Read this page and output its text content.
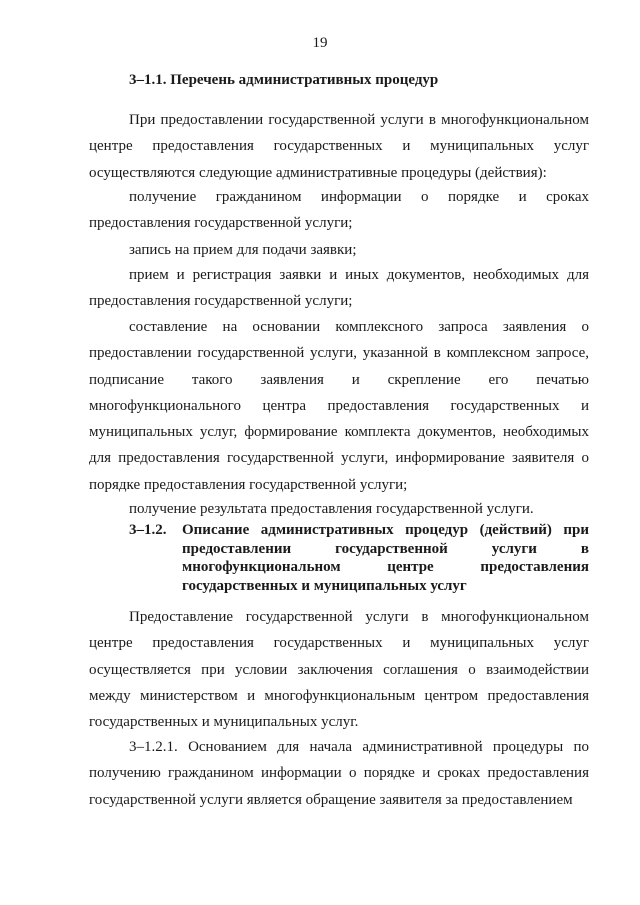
19
3–1.1. Перечень административных процедур
При предоставлении государственной услуги в многофункциональном центре предоставления государственных и муниципальных услуг осуществляются следующие административные процедуры (действия):
получение гражданином информации о порядке и сроках предоставления государственной услуги;
запись на прием для подачи заявки;
прием и регистрация заявки и иных документов, необходимых для предоставления государственной услуги;
составление на основании комплексного запроса заявления о предоставлении государственной услуги, указанной в комплексном запросе, подписание такого заявления и скрепление его печатью многофункционального центра предоставления государственных и муниципальных услуг, формирование комплекта документов, необходимых для предоставления государственной услуги, информирование заявителя о порядке предоставления государственной услуги;
получение результата предоставления государственной услуги.
3–1.2. Описание административных процедур (действий) при предоставлении государственной услуги в многофункциональном центре предоставления государственных и муниципальных услуг
Предоставление государственной услуги в многофункциональном центре предоставления государственных и муниципальных услуг осуществляется при условии заключения соглашения о взаимодействии между министерством и многофункциональным центром предоставления государственных и муниципальных услуг.
3–1.2.1. Основанием для начала административной процедуры по получению гражданином информации о порядке и сроках предоставления государственной услуги является обращение заявителя за предоставлением
